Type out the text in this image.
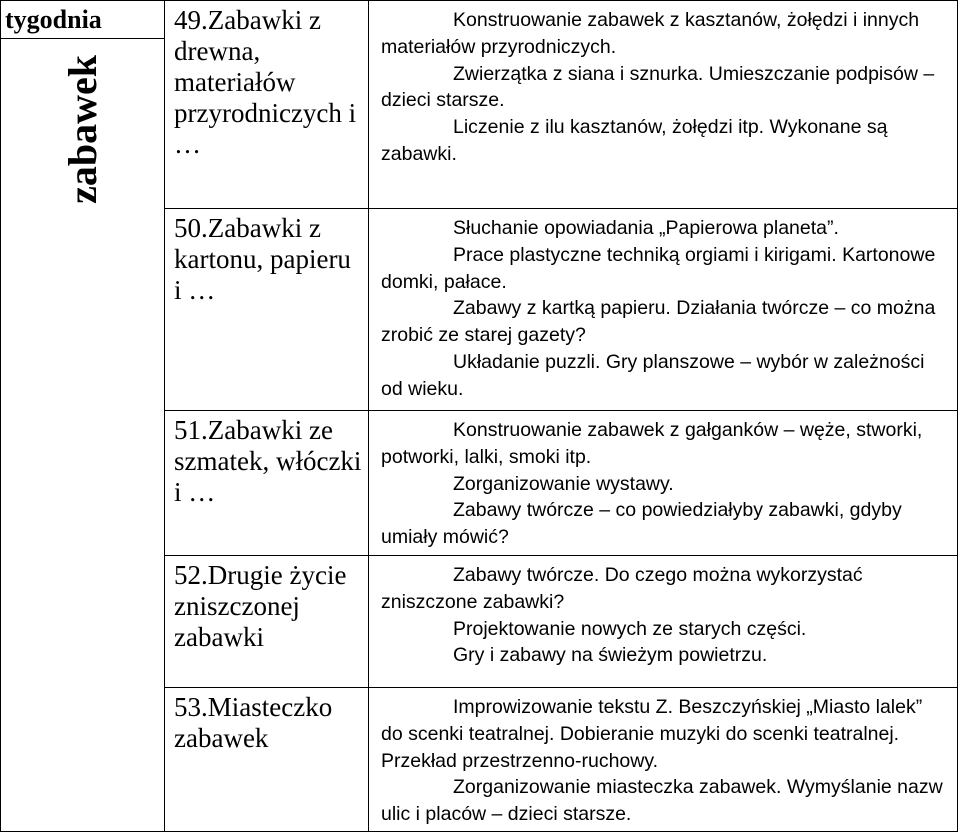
tygodnia	49.Zabawki z drewna, materiałów przyrodniczych i …	Konstruowanie zabawek z kasztanów, żołędzi i innych materiałów przyrodniczych.

Zwierzątka z siana i sznurka. Umieszczanie podpisów – dzieci starsze.

Liczenie z ilu kasztanów, żołędzi itp. Wykonane są zabawki.

zabawek		

	50.Zabawki z kartonu, papieru i …	Słuchanie opowiadania „Papierowa planeta”.

Prace plastyczne techniką orgiami i kirigami. Kartonowe domki, pałace.

Zabawy z kartką papieru. Działania twórcze – co można zrobić ze starej gazety?

Układanie puzzli. Gry planszowe – wybór w zależności od wieku.

	51.Zabawki ze szmatek, włóczki i …	Konstruowanie zabawek z gałganków – węże, stworki, potworki, lalki, smoki itp.

Zorganizowanie wystawy.

Zabawy twórcze – co powiedziałyby zabawki, gdyby umiały mówić?

	52.Drugie życie zniszczonej zabawki	Zabawy twórcze. Do czego można wykorzystać zniszczone zabawki?

Projektowanie nowych ze starych części.

Gry i zabawy na świeżym powietrzu.

	53.Miasteczko zabawek	Improwizowanie tekstu Z. Beszczyńskiej „Miasto lalek” do scenki teatralnej. Dobieranie muzyki do scenki teatralnej. Przekład przestrzenno-ruchowy.

Zorganizowanie miasteczka zabawek. Wymyślanie nazw ulic i placów – dzieci starsze.
